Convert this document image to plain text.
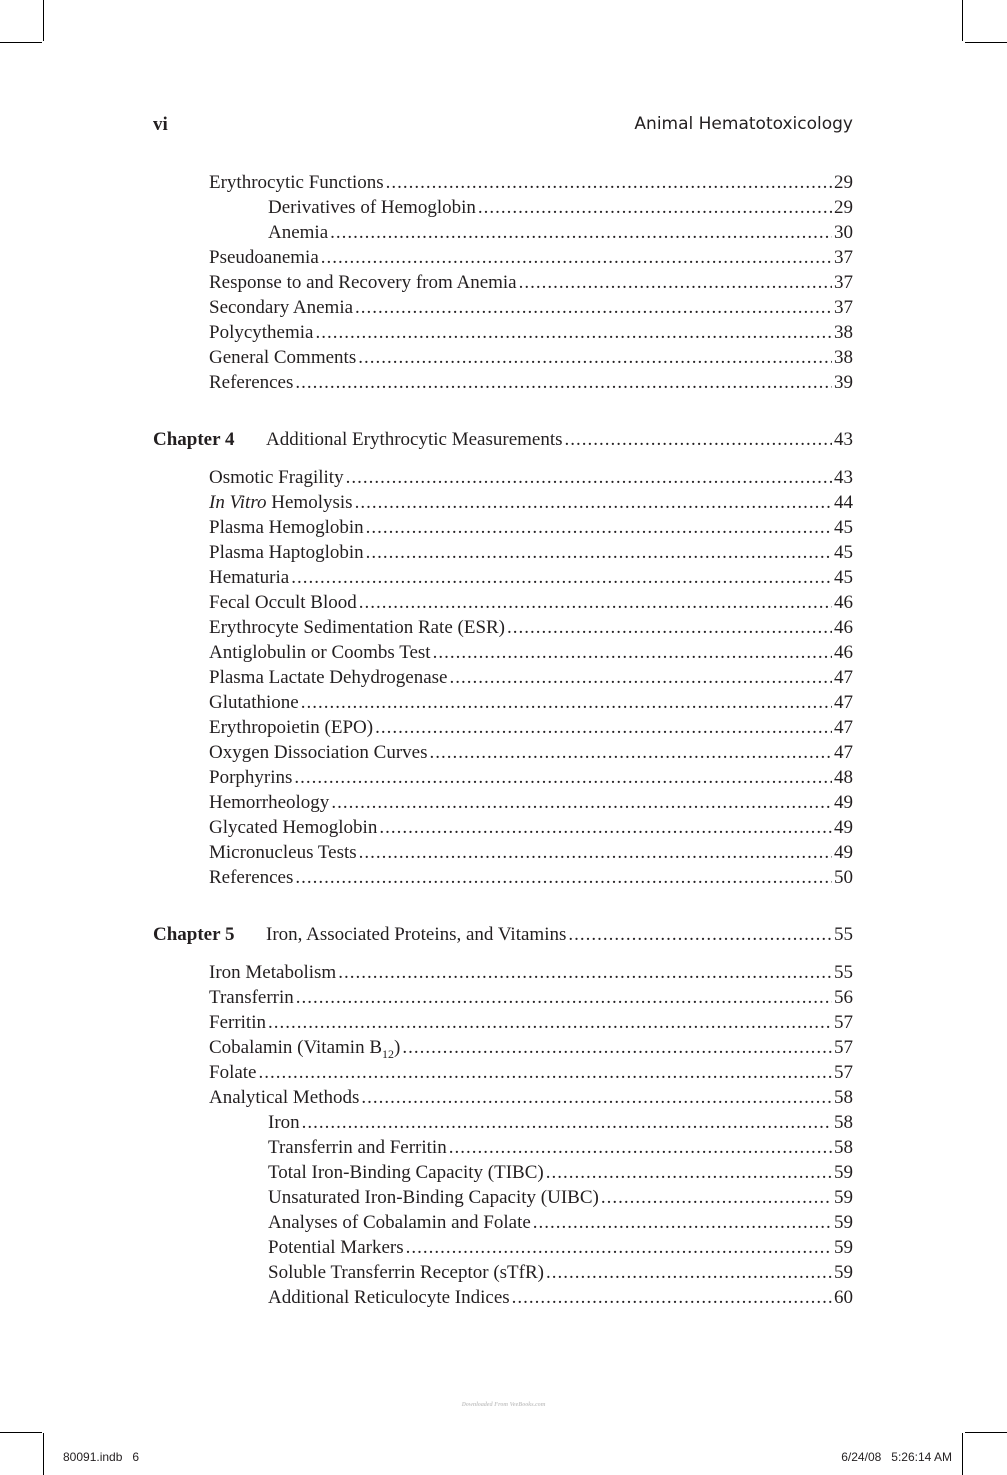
vi	Animal Hematotoxicology
Erythrocytic Functions .....	29
Derivatives of Hemoglobin .....	29
Anemia .....	30
Pseudoanemia .....	37
Response to and Recovery from Anemia .....	37
Secondary Anemia .....	37
Polycythemia .....	38
General Comments .....	38
References .....	39
Chapter 4	Additional Erythrocytic Measurements .....	43
Osmotic Fragility .....	43
In Vitro Hemolysis .....	44
Plasma Hemoglobin .....	45
Plasma Haptoglobin .....	45
Hematuria .....	45
Fecal Occult Blood .....	46
Erythrocyte Sedimentation Rate (ESR) .....	46
Antiglobulin or Coombs Test .....	46
Plasma Lactate Dehydrogenase .....	47
Glutathione .....	47
Erythropoietin (EPO) .....	47
Oxygen Dissociation Curves .....	47
Porphyrins .....	48
Hemorrheology .....	49
Glycated Hemoglobin .....	49
Micronucleus Tests .....	49
References .....	50
Chapter 5	Iron, Associated Proteins, and Vitamins .....	55
Iron Metabolism .....	55
Transferrin .....	56
Ferritin .....	57
Cobalamin (Vitamin $B_{12}$) .....	57
Folate .....	57
Analytical Methods .....	58
Iron .....	58
Transferrin and Ferritin .....	58
Total Iron-Binding Capacity (TIBC) .....	59
Unsaturated Iron-Binding Capacity (UIBC) .....	59
Analyses of Cobalamin and Folate .....	59
Potential Markers .....	59
Soluble Transferrin Receptor (sTfR) .....	59
Additional Reticulocyte Indices .....	60
Downloaded From VeeBooks.com
80091.indb   6	6/24/08   5:26:14 AM
